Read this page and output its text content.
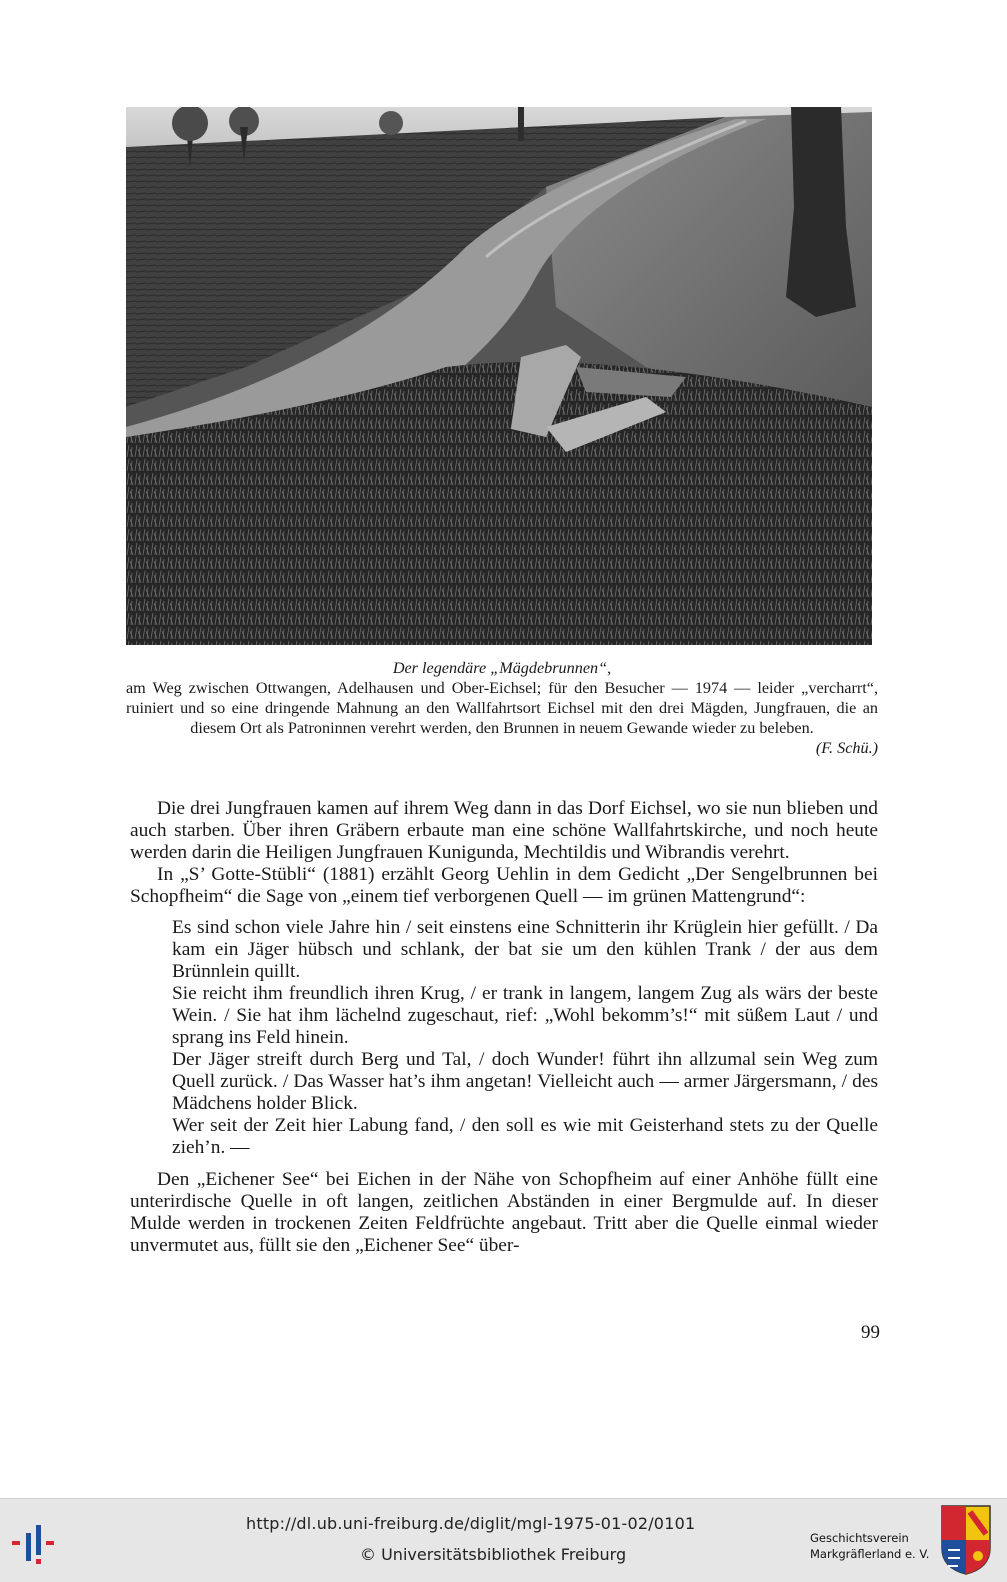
Der legendäre „Mägdebrunnen“,
am Weg zwischen Ottwangen, Adelhausen und Ober-Eichsel; für den Besucher — 1974 — leider „vercharrt“, ruiniert und so eine dringende Mahnung an den Wallfahrtsort Eichsel mit den drei Mägden, Jungfrauen, die an diesem Ort als Patroninnen verehrt werden, den Brunnen in neuem Gewande wieder zu beleben.
(F. Schü.)

Die drei Jungfrauen kamen auf ihrem Weg dann in das Dorf Eichsel, wo sie nun blieben und auch starben. Über ihren Gräbern erbaute man eine schöne Wallfahrtskirche, und noch heute werden darin die Heiligen Jungfrauen Kunigunda, Mechtildis und Wibrandis verehrt.

In „S’ Gotte-Stübli“ (1881) erzählt Georg Uehlin in dem Gedicht „Der Sengelbrunnen bei Schopfheim“ die Sage von „einem tief verborgenen Quell — im grünen Mattengrund“:

Es sind schon viele Jahre hin / seit einstens eine Schnitterin ihr Krüglein hier gefüllt. / Da kam ein Jäger hübsch und schlank, der bat sie um den kühlen Trank / der aus dem Brünnlein quillt.

Sie reicht ihm freundlich ihren Krug, / er trank in langem, langem Zug als wärs der beste Wein. / Sie hat ihm lächelnd zugeschaut, rief: „Wohl bekomm’s!“ mit süßem Laut / und sprang ins Feld hinein.

Der Jäger streift durch Berg und Tal, / doch Wunder! führt ihn allzumal sein Weg zum Quell zurück. / Das Wasser hat’s ihm angetan! Vielleicht auch — armer Järgersmann, / des Mädchens holder Blick.

Wer seit der Zeit hier Labung fand, / den soll es wie mit Geisterhand stets zu der Quelle zieh’n. —

Den „Eichener See“ bei Eichen in der Nähe von Schopfheim auf einer Anhöhe füllt eine unterirdische Quelle in oft langen, zeitlichen Abständen in einer Bergmulde auf. In dieser Mulde werden in trockenen Zeiten Feldfrüchte angebaut. Tritt aber die Quelle einmal wieder unvermutet aus, füllt sie den „Eichener See“ über-

99
http://dl.ub.uni-freiburg.de/diglit/mgl-1975-01-02/0101
© Universitätsbibliothek Freiburg
Geschichtsverein
Markgräflerland e. V.
